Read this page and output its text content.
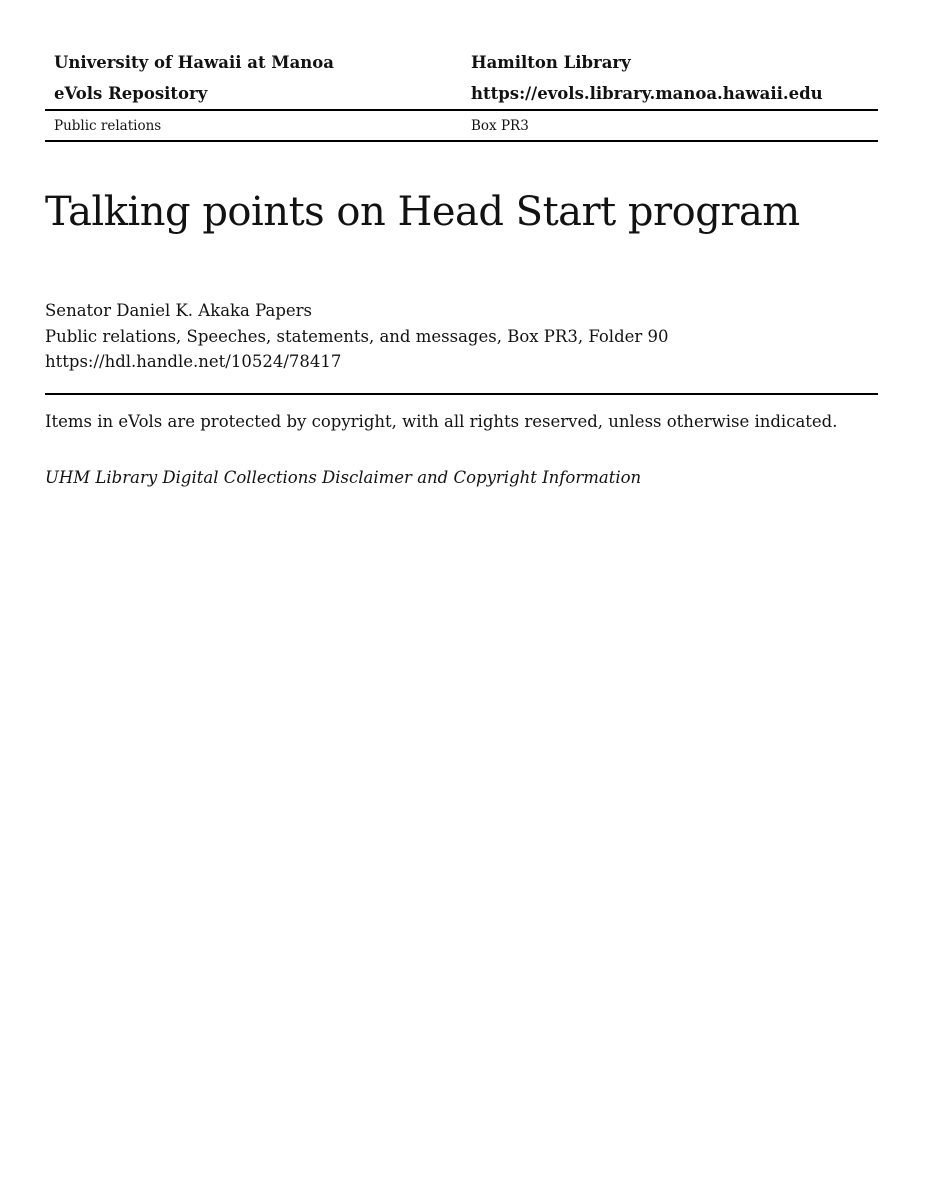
University of Hawaii at Manoa	Hamilton Library
eVols Repository	https://evols.library.manoa.hawaii.edu
Public relations	Box PR3
Talking points on Head Start program
Senator Daniel K. Akaka Papers
Public relations, Speeches, statements, and messages, Box PR3, Folder 90
https://hdl.handle.net/10524/78417

Items in eVols are protected by copyright, with all rights reserved, unless otherwise indicated.

UHM Library Digital Collections Disclaimer and Copyright Information
